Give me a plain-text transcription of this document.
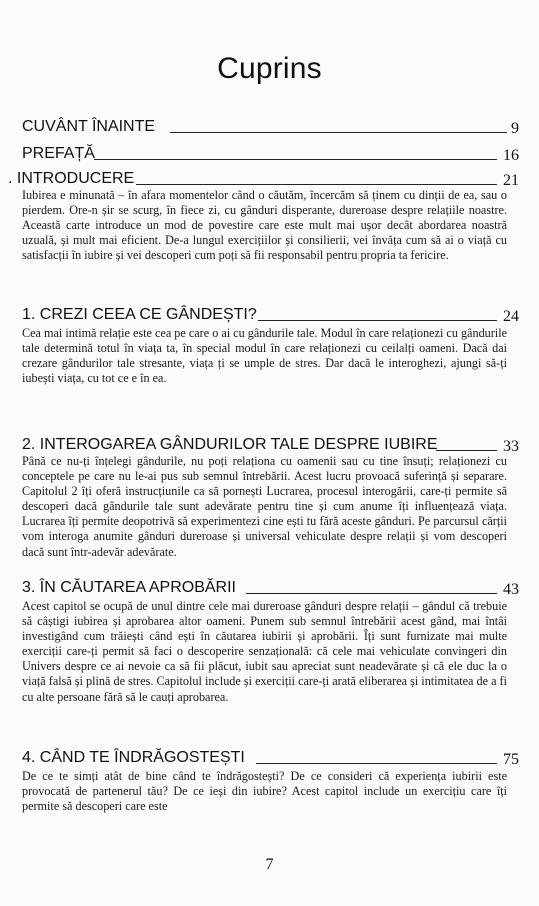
Cuprins
CUVÂNT ÎNAINTE	9
PREFAȚĂ	16
. INTRODUCERE	21
Iubirea e minunată – în afara momentelor când o căutăm, încercăm să ținem cu dinții de ea, sau o pierdem. Ore-n șir se scurg, în fiece zi, cu gânduri disperante, dureroase despre relațiile noastre. Această carte introduce un mod de povestire care este mult mai ușor decât abordarea noastră uzuală, și mult mai eficient. De-a lungul exercițiilor și consilierii, vei învăța cum să ai o viață cu satisfacții în iubire și vei descoperi cum poți să fii responsabil pentru propria ta fericire.
1. CREZI CEEA CE GÂNDEȘTI?	24
Cea mai intimă relație este cea pe care o ai cu gândurile tale. Modul în care relaționezi cu gândurile tale determină totul în viața ta, în special modul în care relaționezi cu ceilalți oameni. Dacă dai crezare gândurilor tale stresante, viața ți se umple de stres. Dar dacă le interoghezi, ajungi să-ți iubești viața, cu tot ce e în ea.
2. INTEROGAREA GÂNDURILOR TALE DESPRE IUBIRE	33
Până ce nu-ți înțelegi gândurile, nu poți relaționa cu oamenii sau cu tine însuți; relaționezi cu conceptele pe care nu le-ai pus sub semnul întrebării. Acest lucru provoacă suferință și separare. Capitolul 2 îți oferă instrucțiunile ca să pornești Lucrarea, procesul interogării, care-ți permite să descoperi dacă gândurile tale sunt adevărate pentru tine și cum anume îți influențează viața. Lucrarea îți permite deopotrivă să experimentezi cine ești tu fără aceste gânduri. Pe parcursul cărții vom interoga anumite gânduri dureroase și universal vehiculate despre relații și vom descoperi dacă sunt într-adevăr adevărate.
3. ÎN CĂUTAREA APROBĂRII	43
Acest capitol se ocupă de unul dintre cele mai dureroase gânduri despre relații – gândul că trebuie să câștigi iubirea și aprobarea altor oameni. Punem sub semnul întrebării acest gând, mai întâi investigând cum trăiești când ești în căutarea iubirii și aprobării. Îți sunt furnizate mai multe exerciții care-ți permit să faci o descoperire senzațională: că cele mai vehiculate convingeri din Univers despre ce ai nevoie ca să fii plăcut, iubit sau apreciat sunt neadevărate și că ele duc la o viață falsă și plină de stres. Capitolul include și exerciții care-ți arată eliberarea și intimitatea de a fi cu alte persoane fără să le cauți aprobarea.
4. CÂND TE ÎNDRĂGOSTEȘTI	75
De ce te simți atât de bine când te îndrăgostești? De ce consideri că experiența iubirii este provocată de partenerul tău? De ce ieși din iubire? Acest capitol include un exercițiu care îți permite să descoperi care este
7
